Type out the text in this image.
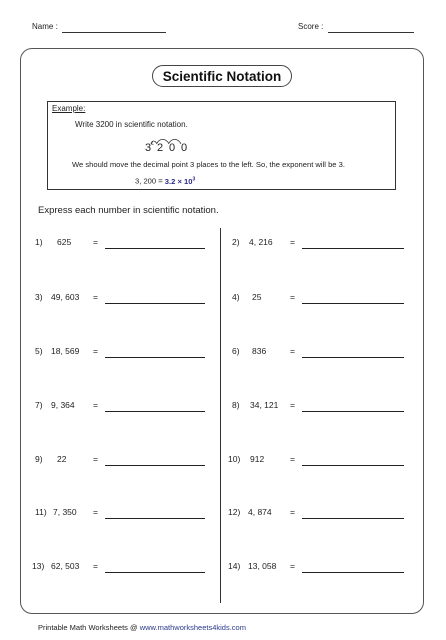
Name :	Score :
Scientific Notation
Example:
Write 3200 in scientific notation.
3 2 0 0
We should move the decimal point 3 places to the left. So, the exponent will be 3.
3, $200 = 3.2 \times 10^3$
Express each number in scientific notation.
1) 625	=
3) 49, 603 =
5) 18, 569 =
7) 9, 364 =
9) 22	=
11) 7, 350 =
13) 62, 503 =
2) 4, 216 =
4) 25	=
6) 836	=
8) 34, 121 =
10) 912	=
12) 4, 874 =
14) 13, 058 =
Printable Math Worksheets @ www.mathworksheets4kids.com
